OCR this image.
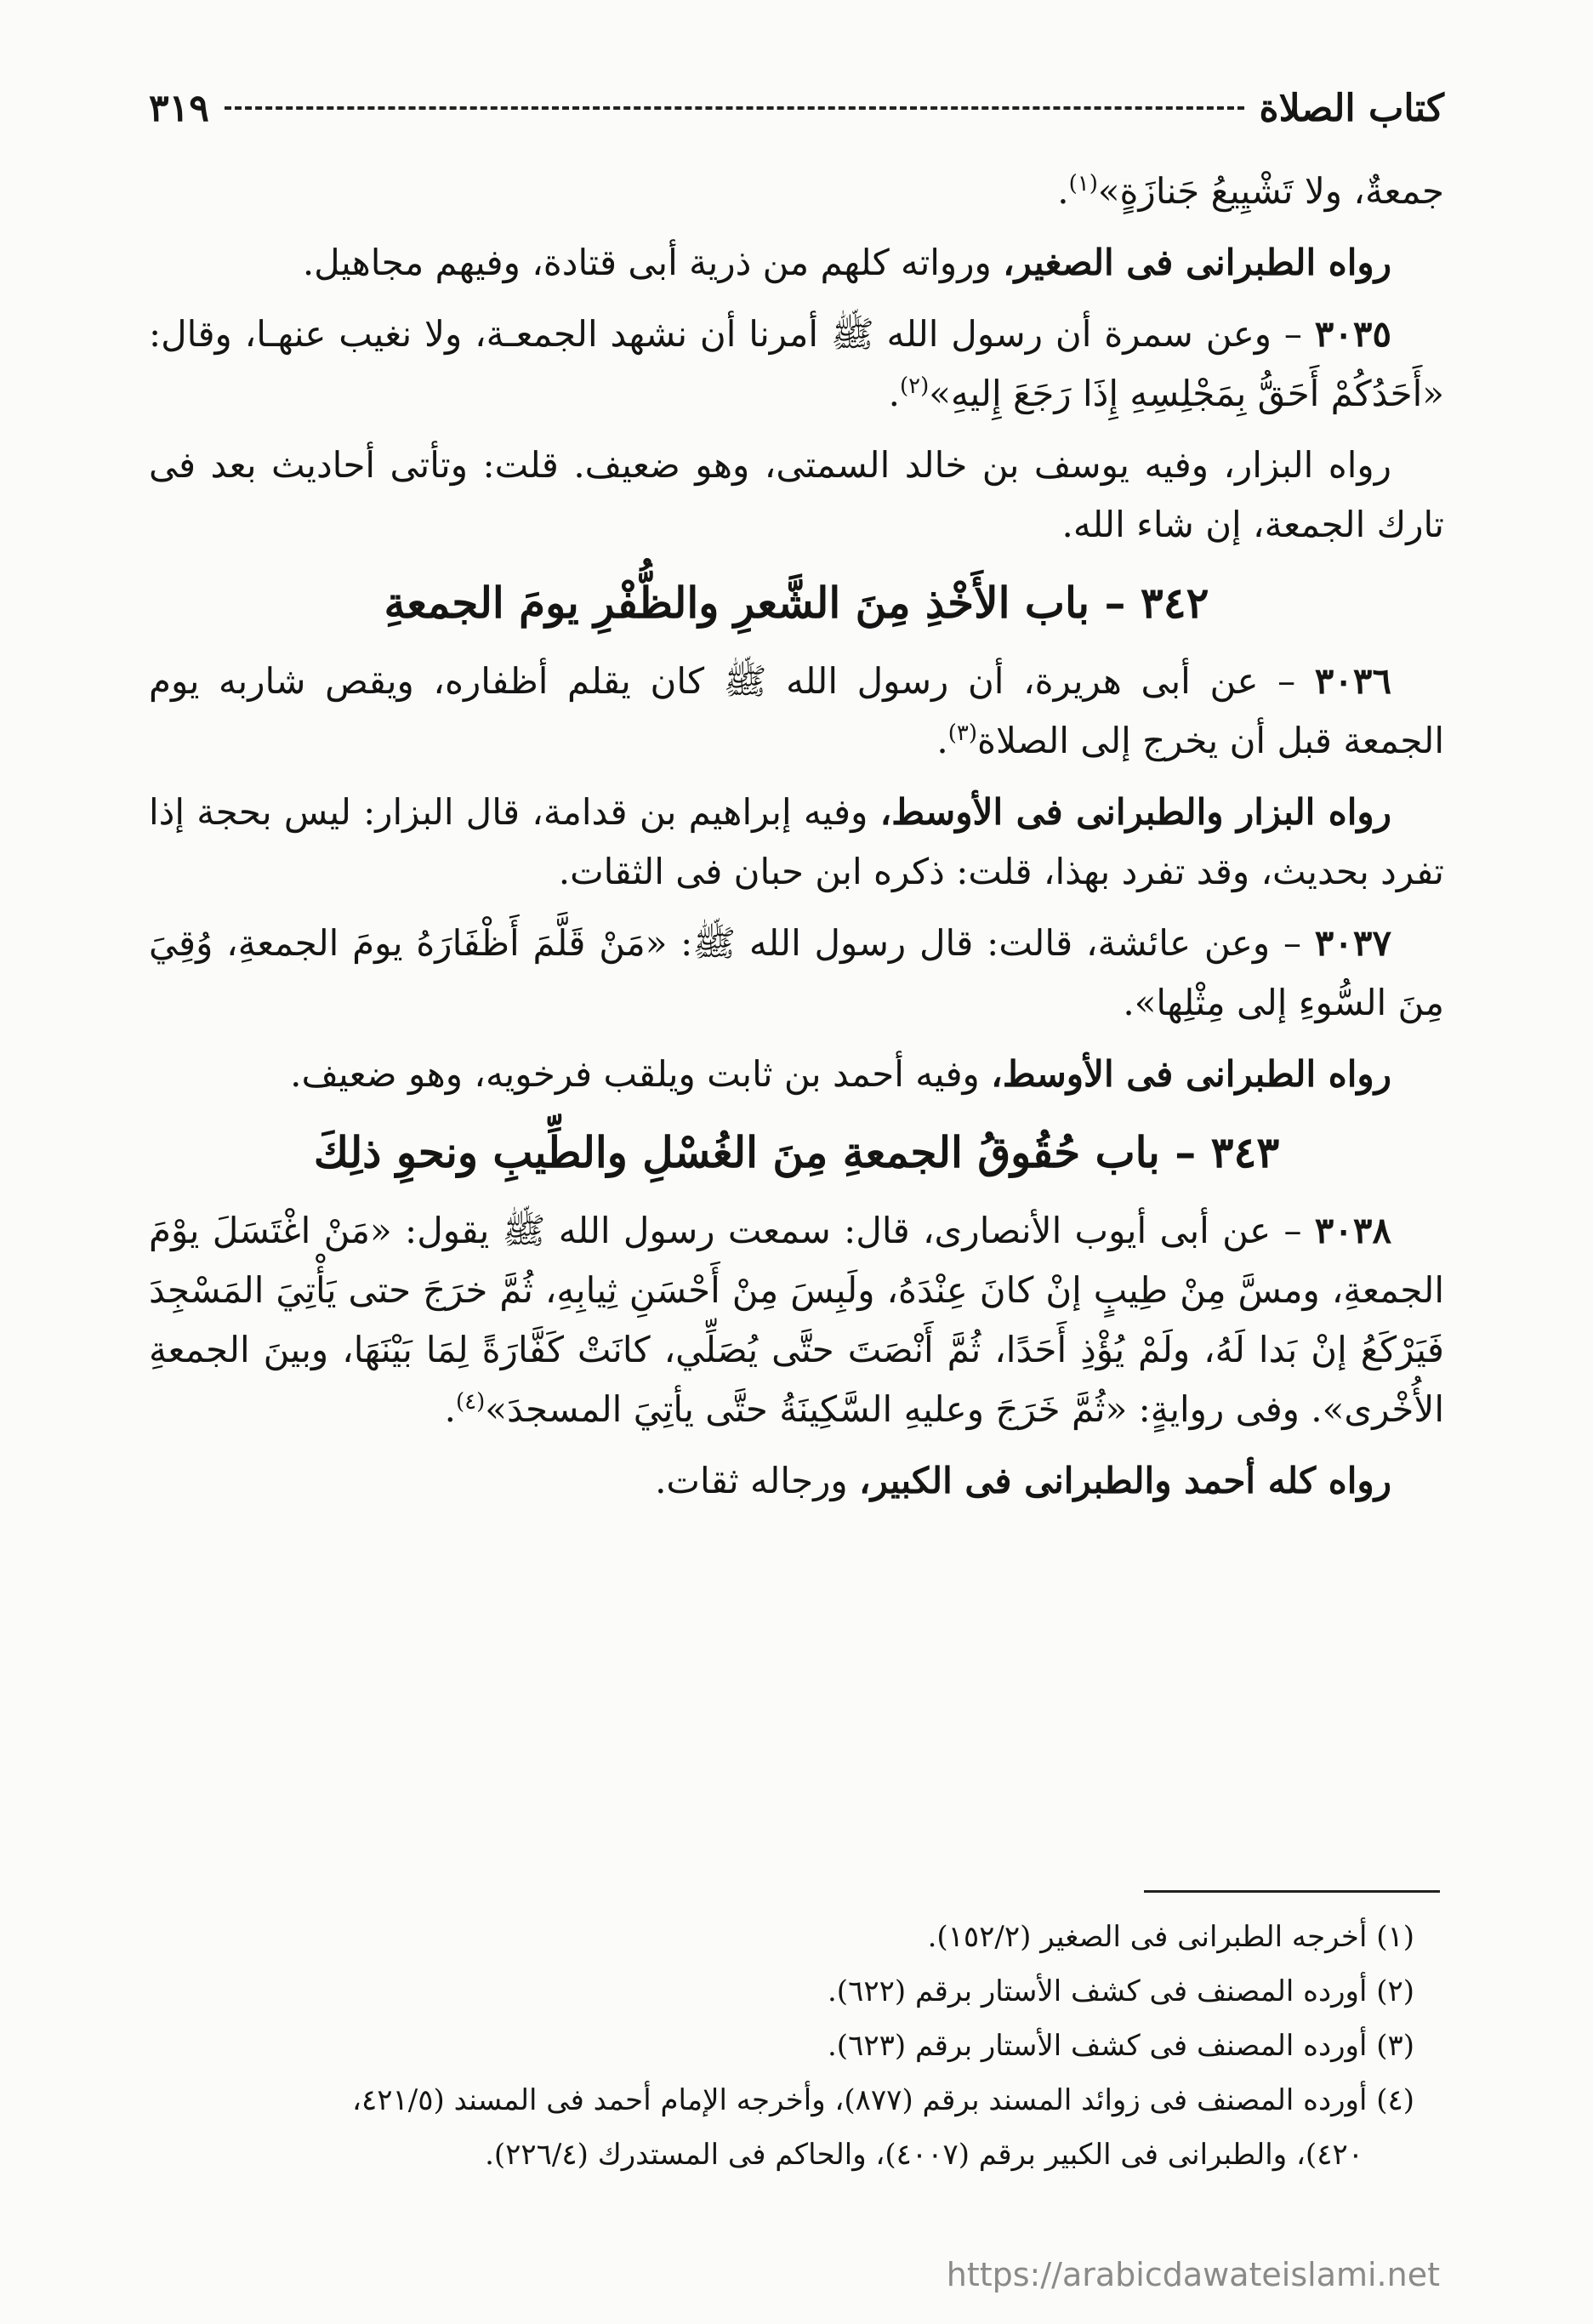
كتاب الصلاة
٣١٩

جمعةٌ، ولا تَشْيِيعُ جَنازَةٍ»$^{(١)}$.

رواه الطبرانى فى الصغير، ورواته كلهم من ذرية أبى قتادة، وفيهم مجاهيل.

٣٠٣٥ – وعن سمرة أن رسول الله ﷺ أمرنا أن نشهد الجمعـة، ولا نغيب عنهـا، وقال: «أَحَدُكُمْ أَحَقُّ بِمَجْلِسِهِ إِذَا رَجَعَ إِليهِ»$^{(٢)}$.

رواه البزار، وفيه يوسف بن خالد السمتى، وهو ضعيف. قلت: وتأتى أحاديث بعد فى تارك الجمعة، إن شاء الله.

٣٤٢ – باب الأَخْذِ مِنَ الشَّعرِ والظُّفْرِ يومَ الجمعةِ

٣٠٣٦ – عن أبى هريرة، أن رسول الله ﷺ كان يقلم أظفاره، ويقص شاربه يوم الجمعة قبل أن يخرج إلى الصلاة$^{(٣)}$.

رواه البزار والطبرانى فى الأوسط، وفيه إبراهيم بن قدامة، قال البزار: ليس بحجة إذا تفرد بحديث، وقد تفرد بهذا، قلت: ذكره ابن حبان فى الثقات.

٣٠٣٧ – وعن عائشة، قالت: قال رسول الله ﷺ: «مَنْ قَلَّمَ أَظْفَارَهُ يومَ الجمعةِ، وُقِيَ مِنَ السُّوءِ إلى مِثْلِها».

رواه الطبرانى فى الأوسط، وفيه أحمد بن ثابت ويلقب فرخويه، وهو ضعيف.

٣٤٣ – باب حُقُوقُ الجمعةِ مِنَ الغُسْلِ والطِّيبِ ونحوِ ذلِكَ

٣٠٣٨ – عن أبى أيوب الأنصارى، قال: سمعت رسول الله ﷺ يقول: «مَنْ اغْتَسَلَ يوْمَ الجمعةِ، ومسَّ مِنْ طِيبٍ إنْ كانَ عِنْدَهُ، ولَبِسَ مِنْ أَحْسَنِ ثِيابِهِ، ثُمَّ خرَجَ حتى يَأْتِيَ المَسْجِدَ فَيَرْكَعُ إنْ بَدا لَهُ، ولَمْ يُؤْذِ أَحَدًا، ثُمَّ أَنْصَتَ حتَّى يُصَلِّي، كانَتْ كَفَّارَةً لِمَا بَيْنَهَا، وبينَ الجمعةِ الأُخْرى». وفى روايةٍ: «ثُمَّ خَرَجَ وعليهِ السَّكِينَةُ حتَّى يأتِيَ المسجدَ»$^{(٤)}$.

رواه كله أحمد والطبرانى فى الكبير، ورجاله ثقات.

(١) أخرجه الطبرانى فى الصغير (١٥٢/٢).
(٢) أورده المصنف فى كشف الأستار برقم (٦٢٢).
(٣) أورده المصنف فى كشف الأستار برقم (٦٢٣).
(٤) أورده المصنف فى زوائد المسند برقم (٨٧٧)، وأخرجه الإمام أحمد فى المسند (٤٢١/٥،
٤٢٠)، والطبرانى فى الكبير برقم (٤٠٠٧)، والحاكم فى المستدرك (٢٢٦/٤).
https://arabicdawateislami.net
